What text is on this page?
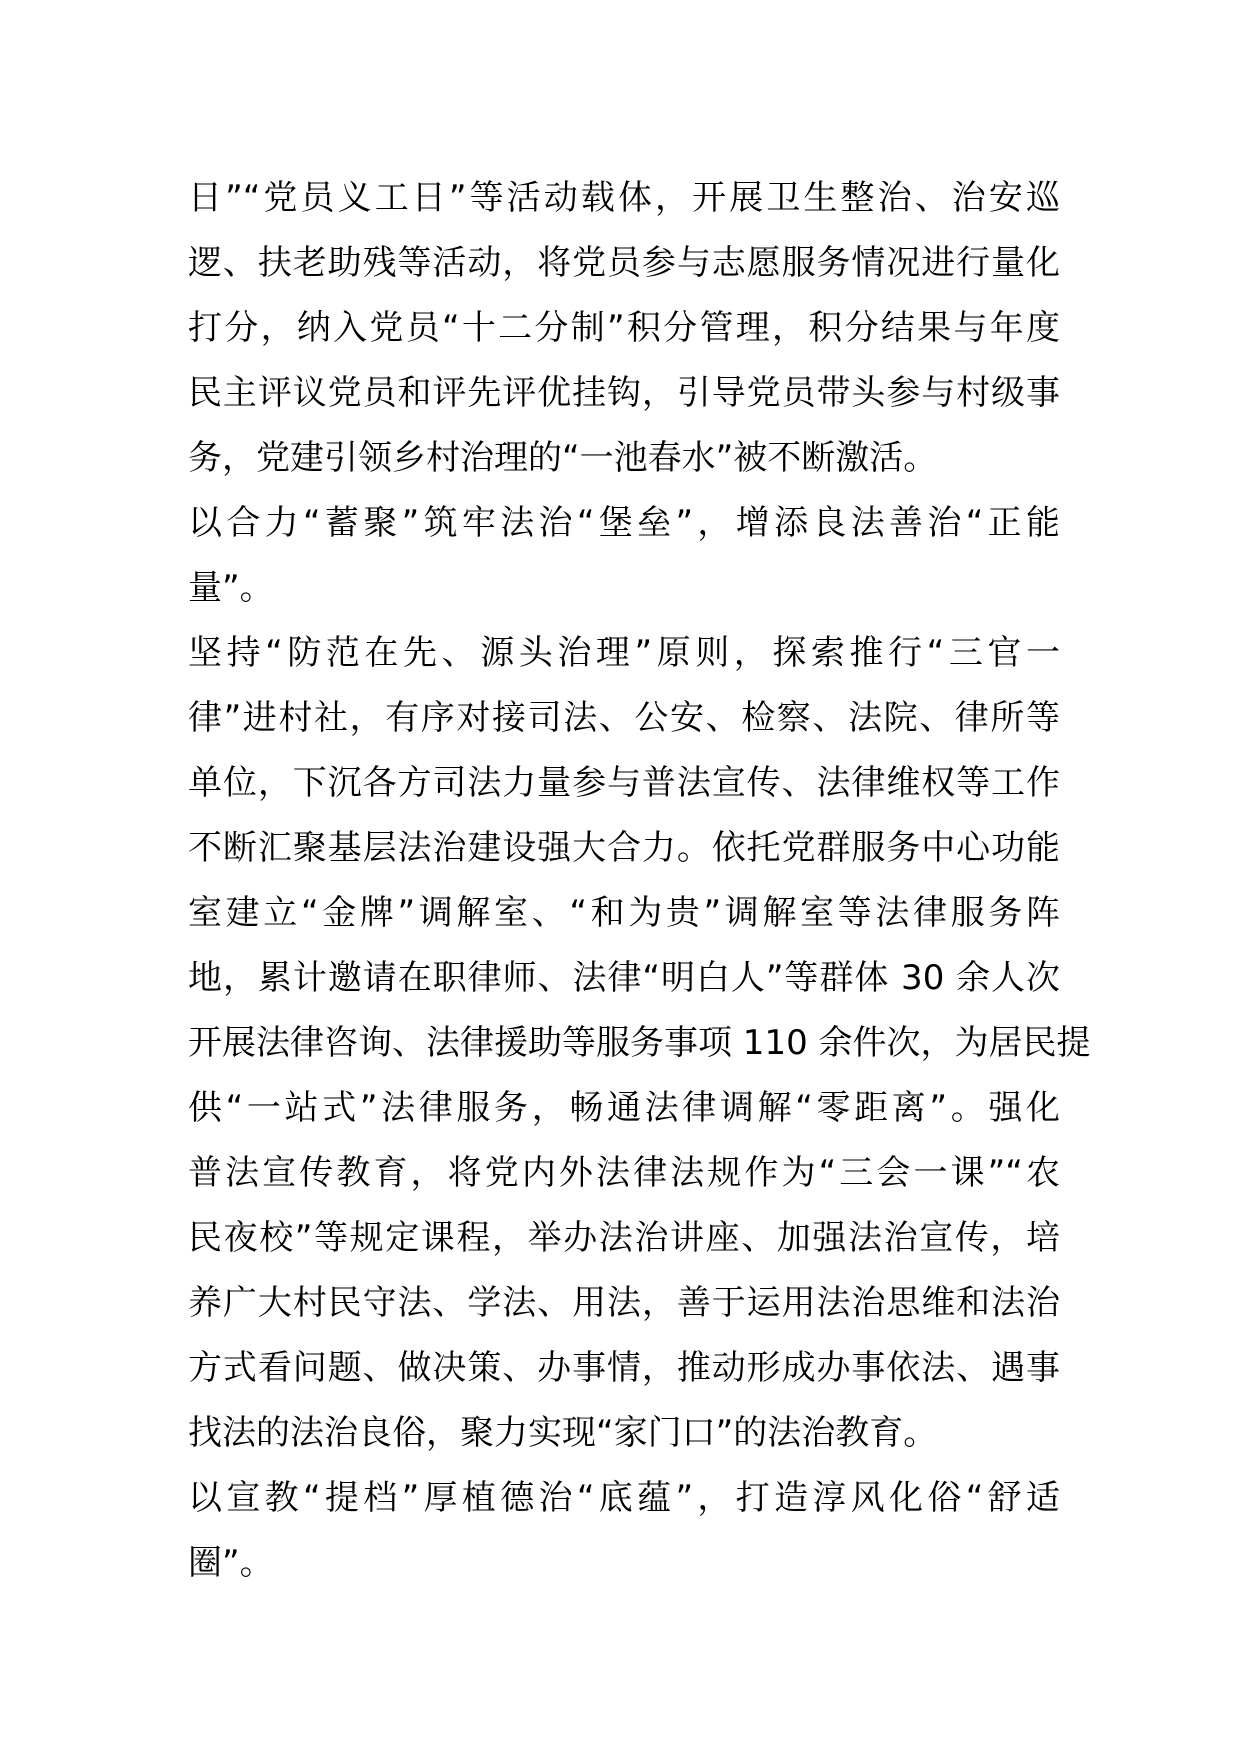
日”“党员义工日”等活动载体，开展卫生整治、治安巡
逻、扶老助残等活动，将党员参与志愿服务情况进行量化
打分，纳入党员“十二分制”积分管理，积分结果与年度
民主评议党员和评先评优挂钩，引导党员带头参与村级事
务，党建引领乡村治理的“一池春水”被不断激活。
以合力“蓄聚”筑牢法治“堡垒”，增添良法善治“正能
量”。
坚持“防范在先、源头治理”原则，探索推行“三官一
律”进村社，有序对接司法、公安、检察、法院、律所等
单位，下沉各方司法力量参与普法宣传、法律维权等工作
不断汇聚基层法治建设强大合力。依托党群服务中心功能
室建立“金牌”调解室、“和为贵”调解室等法律服务阵
地，累计邀请在职律师、法律“明白人”等群体 30 余人次
开展法律咨询、法律援助等服务事项 110 余件次，为居民提
供“一站式”法律服务，畅通法律调解“零距离”。强化
普法宣传教育，将党内外法律法规作为“三会一课”“农
民夜校”等规定课程，举办法治讲座、加强法治宣传，培
养广大村民守法、学法、用法，善于运用法治思维和法治
方式看问题、做决策、办事情，推动形成办事依法、遇事
找法的法治良俗，聚力实现“家门口”的法治教育。
以宣教“提档”厚植德治“底蕴”，打造淳风化俗“舒适
圈”。
